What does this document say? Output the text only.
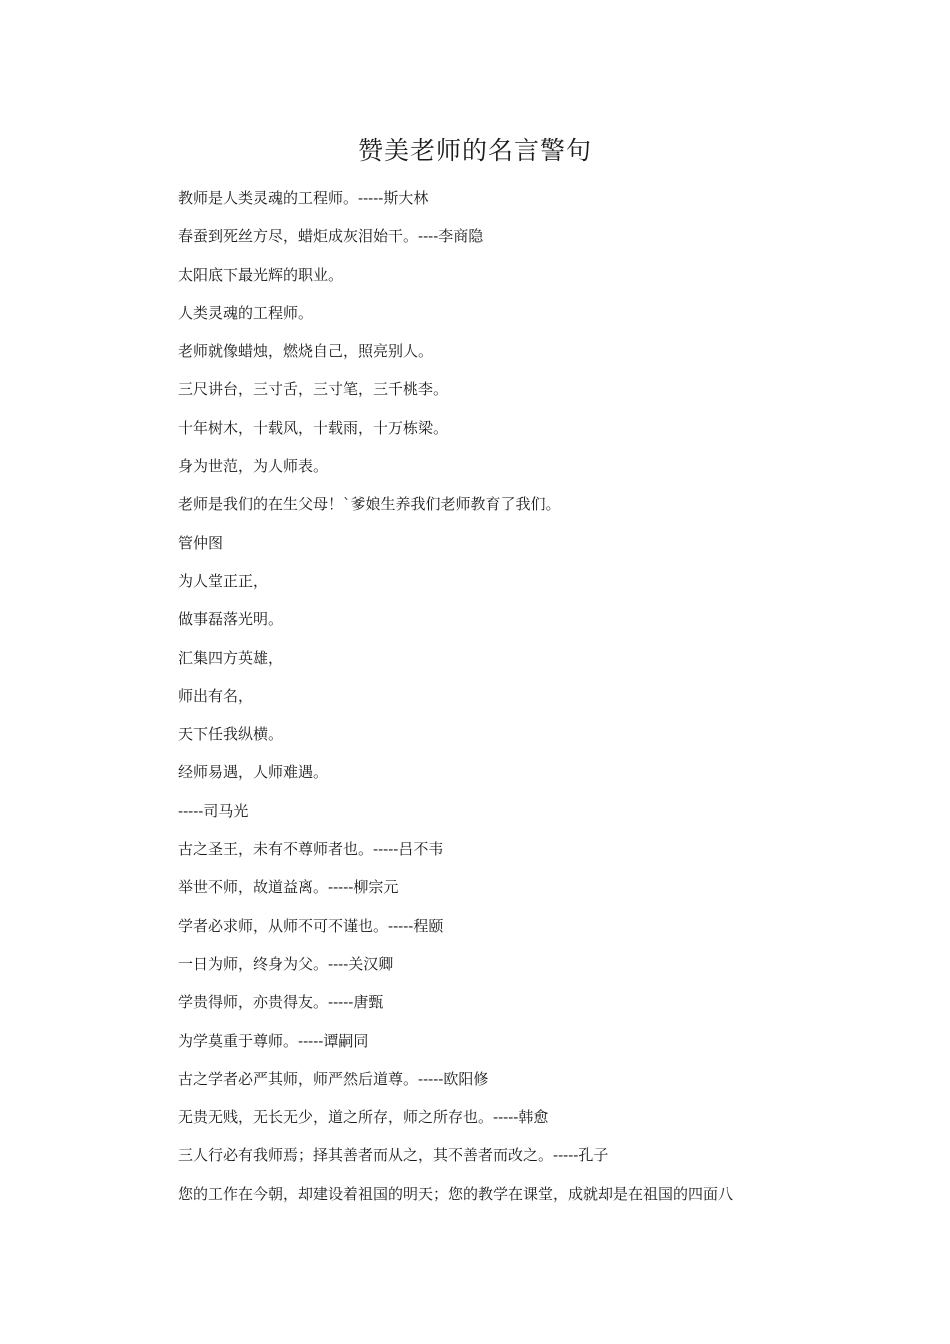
赞美老师的名言警句
教师是人类灵魂的工程师。-----斯大林
春蚕到死丝方尽，蜡炬成灰泪始干。----李商隐
太阳底下最光辉的职业。
人类灵魂的工程师。
老师就像蜡烛，燃烧自己，照亮别人。
三尺讲台，三寸舌，三寸笔，三千桃李。
十年树木，十载风，十载雨，十万栋梁。
身为世范，为人师表。
老师是我们的在生父母！`爹娘生养我们老师教育了我们。
管仲图
为人堂正正，
做事磊落光明。
汇集四方英雄，
师出有名，
天下任我纵横。
经师易遇，人师难遇。
-----司马光
古之圣王，未有不尊师者也。-----吕不韦
举世不师，故道益离。-----柳宗元
学者必求师，从师不可不谨也。-----程颐
一日为师，终身为父。----关汉卿
学贵得师，亦贵得友。-----唐甄
为学莫重于尊师。-----谭嗣同
古之学者必严其师，师严然后道尊。-----欧阳修
无贵无贱，无长无少，道之所存，师之所存也。-----韩愈
三人行必有我师焉；择其善者而从之，其不善者而改之。-----孔子
您的工作在今朝，却建设着祖国的明天；您的教学在课堂，成就却是在祖国的四面八
